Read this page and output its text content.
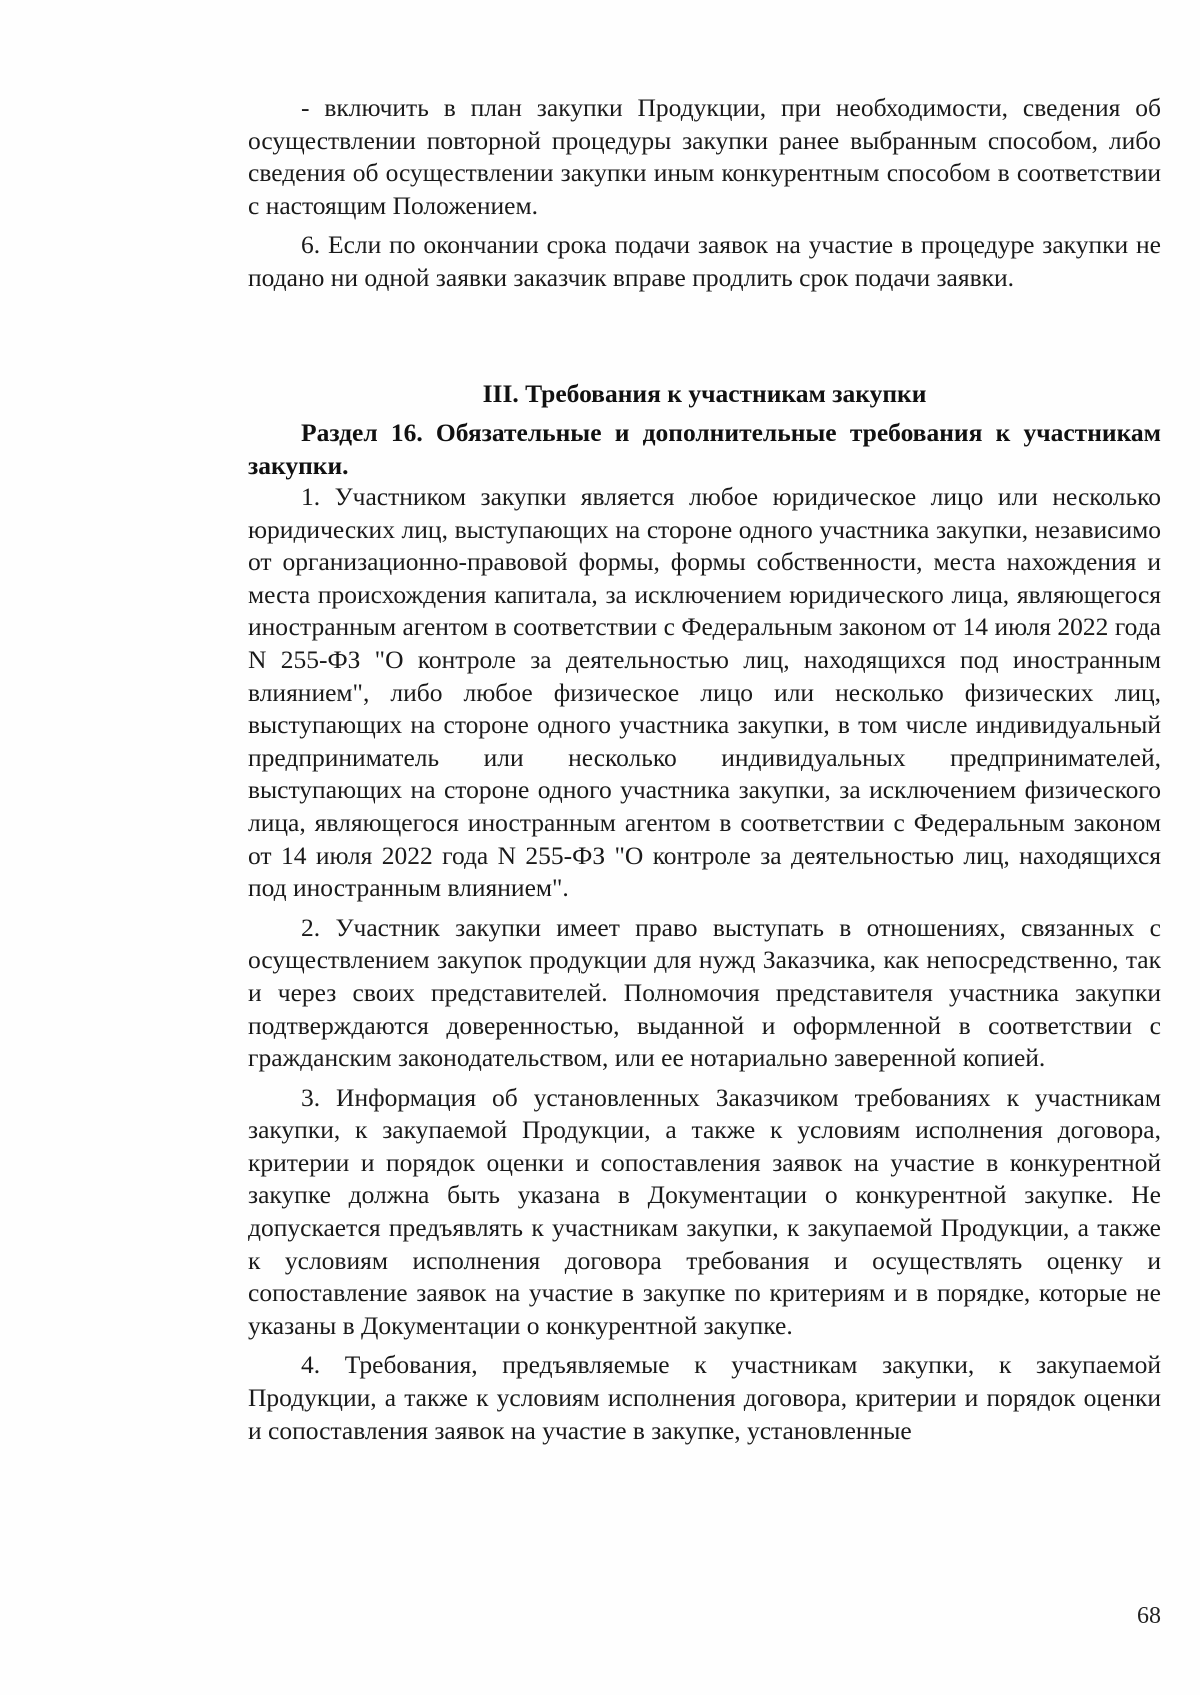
- включить в план закупки Продукции, при необходимости, сведения об осуществлении повторной процедуры закупки ранее выбранным способом, либо сведения об осуществлении закупки иным конкурентным способом в соответствии с настоящим Положением.

6. Если по окончании срока подачи заявок на участие в процедуре закупки не подано ни одной заявки заказчик вправе продлить срок подачи заявки.

III. Требования к участникам закупки
Раздел 16. Обязательные и дополнительные требования к участникам закупки.

1. Участником закупки является любое юридическое лицо или несколько юридических лиц, выступающих на стороне одного участника закупки, независимо от организационно-правовой формы, формы собственности, места нахождения и места происхождения капитала, за исключением юридического лица, являющегося иностранным агентом в соответствии с Федеральным законом от 14 июля 2022 года N 255-ФЗ "О контроле за деятельностью лиц, находящихся под иностранным влиянием", либо любое физическое лицо или несколько физических лиц, выступающих на стороне одного участника закупки, в том числе индивидуальный предприниматель или несколько индивидуальных предпринимателей, выступающих на стороне одного участника закупки, за исключением физического лица, являющегося иностранным агентом в соответствии с Федеральным законом от 14 июля 2022 года N 255-ФЗ "О контроле за деятельностью лиц, находящихся под иностранным влиянием".

2. Участник закупки имеет право выступать в отношениях, связанных с осуществлением закупок продукции для нужд Заказчика, как непосредственно, так и через своих представителей. Полномочия представителя участника закупки подтверждаются доверенностью, выданной и оформленной в соответствии с гражданским законодательством, или ее нотариально заверенной копией.

3. Информация об установленных Заказчиком требованиях к участникам закупки, к закупаемой Продукции, а также к условиям исполнения договора, критерии и порядок оценки и сопоставления заявок на участие в конкурентной закупке должна быть указана в Документации о конкурентной закупке. Не допускается предъявлять к участникам закупки, к закупаемой Продукции, а также к условиям исполнения договора требования и осуществлять оценку и сопоставление заявок на участие в закупке по критериям и в порядке, которые не указаны в Документации о конкурентной закупке.

4. Требования, предъявляемые к участникам закупки, к закупаемой Продукции, а также к условиям исполнения договора, критерии и порядок оценки и сопоставления заявок на участие в закупке, установленные

68
